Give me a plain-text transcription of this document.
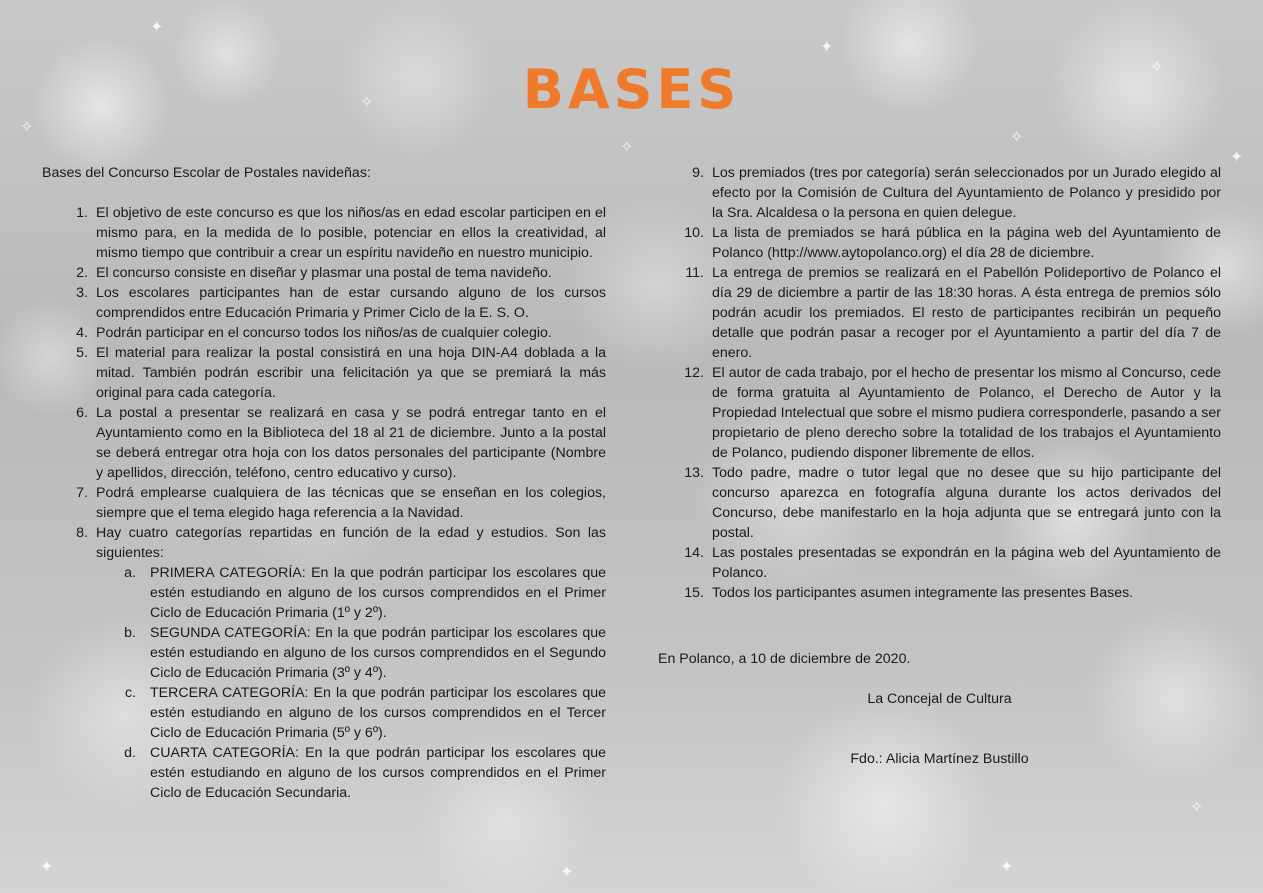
✦
✧
✦
✧
✦
✧
✦
✧
✦
✧
✦
✧
BASES

Bases del Concurso Escolar de Postales navideñas:

1. El objetivo de este concurso es que los niños/as en edad escolar participen en el mismo para, en la medida de lo posible, potenciar en ellos la creatividad, al mismo tiempo que contribuir a crear un espíritu navideño en nuestro municipio.
2. El concurso consiste en diseñar y plasmar una postal de tema navideño.
3. Los escolares participantes han de estar cursando alguno de los cursos comprendidos entre Educación Primaria y Primer Ciclo de la E. S. O.
4. Podrán participar en el concurso todos los niños/as de cualquier colegio.
5. El material para realizar la postal consistirá en una hoja DIN-A4 doblada a la mitad. También podrán escribir una felicitación ya que se premiará la más original para cada categoría.
6. La postal a presentar se realizará en casa y se podrá entregar tanto en el Ayuntamiento como en la Biblioteca del 18 al 21 de diciembre. Junto a la postal se deberá entregar otra hoja con los datos personales del participante (Nombre y apellidos, dirección, teléfono, centro educativo y curso).
7. Podrá emplearse cualquiera de las técnicas que se enseñan en los colegios, siempre que el tema elegido haga referencia a la Navidad.
8. Hay cuatro categorías repartidas en función de la edad y estudios. Son las siguientes:
a. PRIMERA CATEGORÍA: En la que podrán participar los escolares que estén estudiando en alguno de los cursos comprendidos en el Primer Ciclo de Educación Primaria (1º y 2º).
b. SEGUNDA CATEGORÍA: En la que podrán participar los escolares que estén estudiando en alguno de los cursos comprendidos en el Segundo Ciclo de Educación Primaria (3º y 4º).
c. TERCERA CATEGORÍA: En la que podrán participar los escolares que estén estudiando en alguno de los cursos comprendidos en el Tercer Ciclo de Educación Primaria (5º y 6º).
d. CUARTA CATEGORÍA: En la que podrán participar los escolares que estén estudiando en alguno de los cursos comprendidos en el Primer Ciclo de Educación Secundaria.
9. Los premiados (tres por categoría) serán seleccionados por un Jurado elegido al efecto por la Comisión de Cultura del Ayuntamiento de Polanco y presidido por la Sra. Alcaldesa o la persona en quien delegue.
10. La lista de premiados se hará pública en la página web del Ayuntamiento de Polanco (http://www.aytopolanco.org) el día 28 de diciembre.
11. La entrega de premios se realizará en el Pabellón Polideportivo de Polanco el día 29 de diciembre a partir de las 18:30 horas. A ésta entrega de premios sólo podrán acudir los premiados. El resto de participantes recibirán un pequeño detalle que podrán pasar a recoger por el Ayuntamiento a partir del día 7 de enero.
12. El autor de cada trabajo, por el hecho de presentar los mismo al Concurso, cede de forma gratuita al Ayuntamiento de Polanco, el Derecho de Autor y la Propiedad Intelectual que sobre el mismo pudiera corresponderle, pasando a ser propietario de pleno derecho sobre la totalidad de los trabajos el Ayuntamiento de Polanco, pudiendo disponer libremente de ellos.
13. Todo padre, madre o tutor legal que no desee que su hijo participante del concurso aparezca en fotografía alguna durante los actos derivados del Concurso, debe manifestarlo en la hoja adjunta que se entregará junto con la postal.
14. Las postales presentadas se expondrán en la página web del Ayuntamiento de Polanco.
15. Todos los participantes asumen integramente las presentes Bases.
En Polanco, a 10 de diciembre de 2020.
La Concejal de Cultura
Fdo.: Alicia Martínez Bustillo
